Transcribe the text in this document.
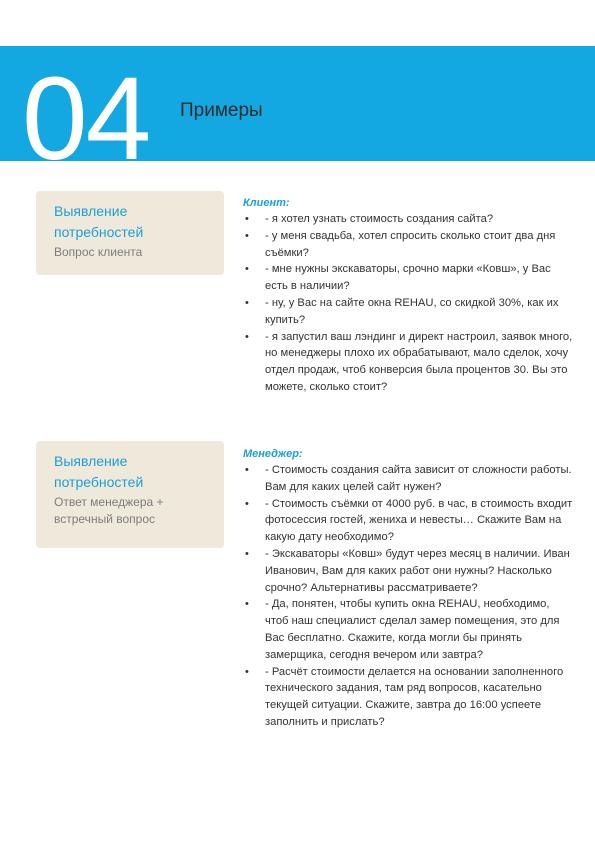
04 Примеры
Выявление потребностей
Вопрос клиента
Выявление потребностей
Ответ менеджера + встречный вопрос
Клиент:
• - я хотел узнать стоимость создания сайта?
• - у меня свадьба, хотел спросить сколько стоит два дня съёмки?
• - мне нужны экскаваторы, срочно марки «Ковш», у Вас есть в наличии?
• - ну, у Вас на сайте окна REHAU, со скидкой 30%, как их купить?
• - я запустил ваш лэндинг и директ настроил, заявок много, но менеджеры плохо их обрабатывают, мало сделок, хочу отдел продаж, чтоб конверсия была процентов 30. Вы это можете, сколько стоит?
Менеджер:
• - Стоимость создания сайта зависит от сложности работы. Вам для каких целей сайт нужен?
• - Стоимость съёмки от 4000 руб. в час, в стоимость входит фотосессия гостей, жениха и невесты… Скажите Вам на какую дату необходимо?
• - Экскаваторы «Ковш» будут через месяц в наличии. Иван Иванович, Вам для каких работ они нужны? Насколько срочно? Альтернативы рассматриваете?
• - Да, понятен, чтобы купить окна REHAU, необходимо, чтоб наш специалист сделал замер помещения, это для Вас бесплатно. Скажите, когда могли бы принять замерщика, сегодня вечером или завтра?
• - Расчёт стоимости делается на основании заполненного технического задания, там ряд вопросов, касательно текущей ситуации. Скажите, завтра до 16:00 успеете заполнить и прислать?
